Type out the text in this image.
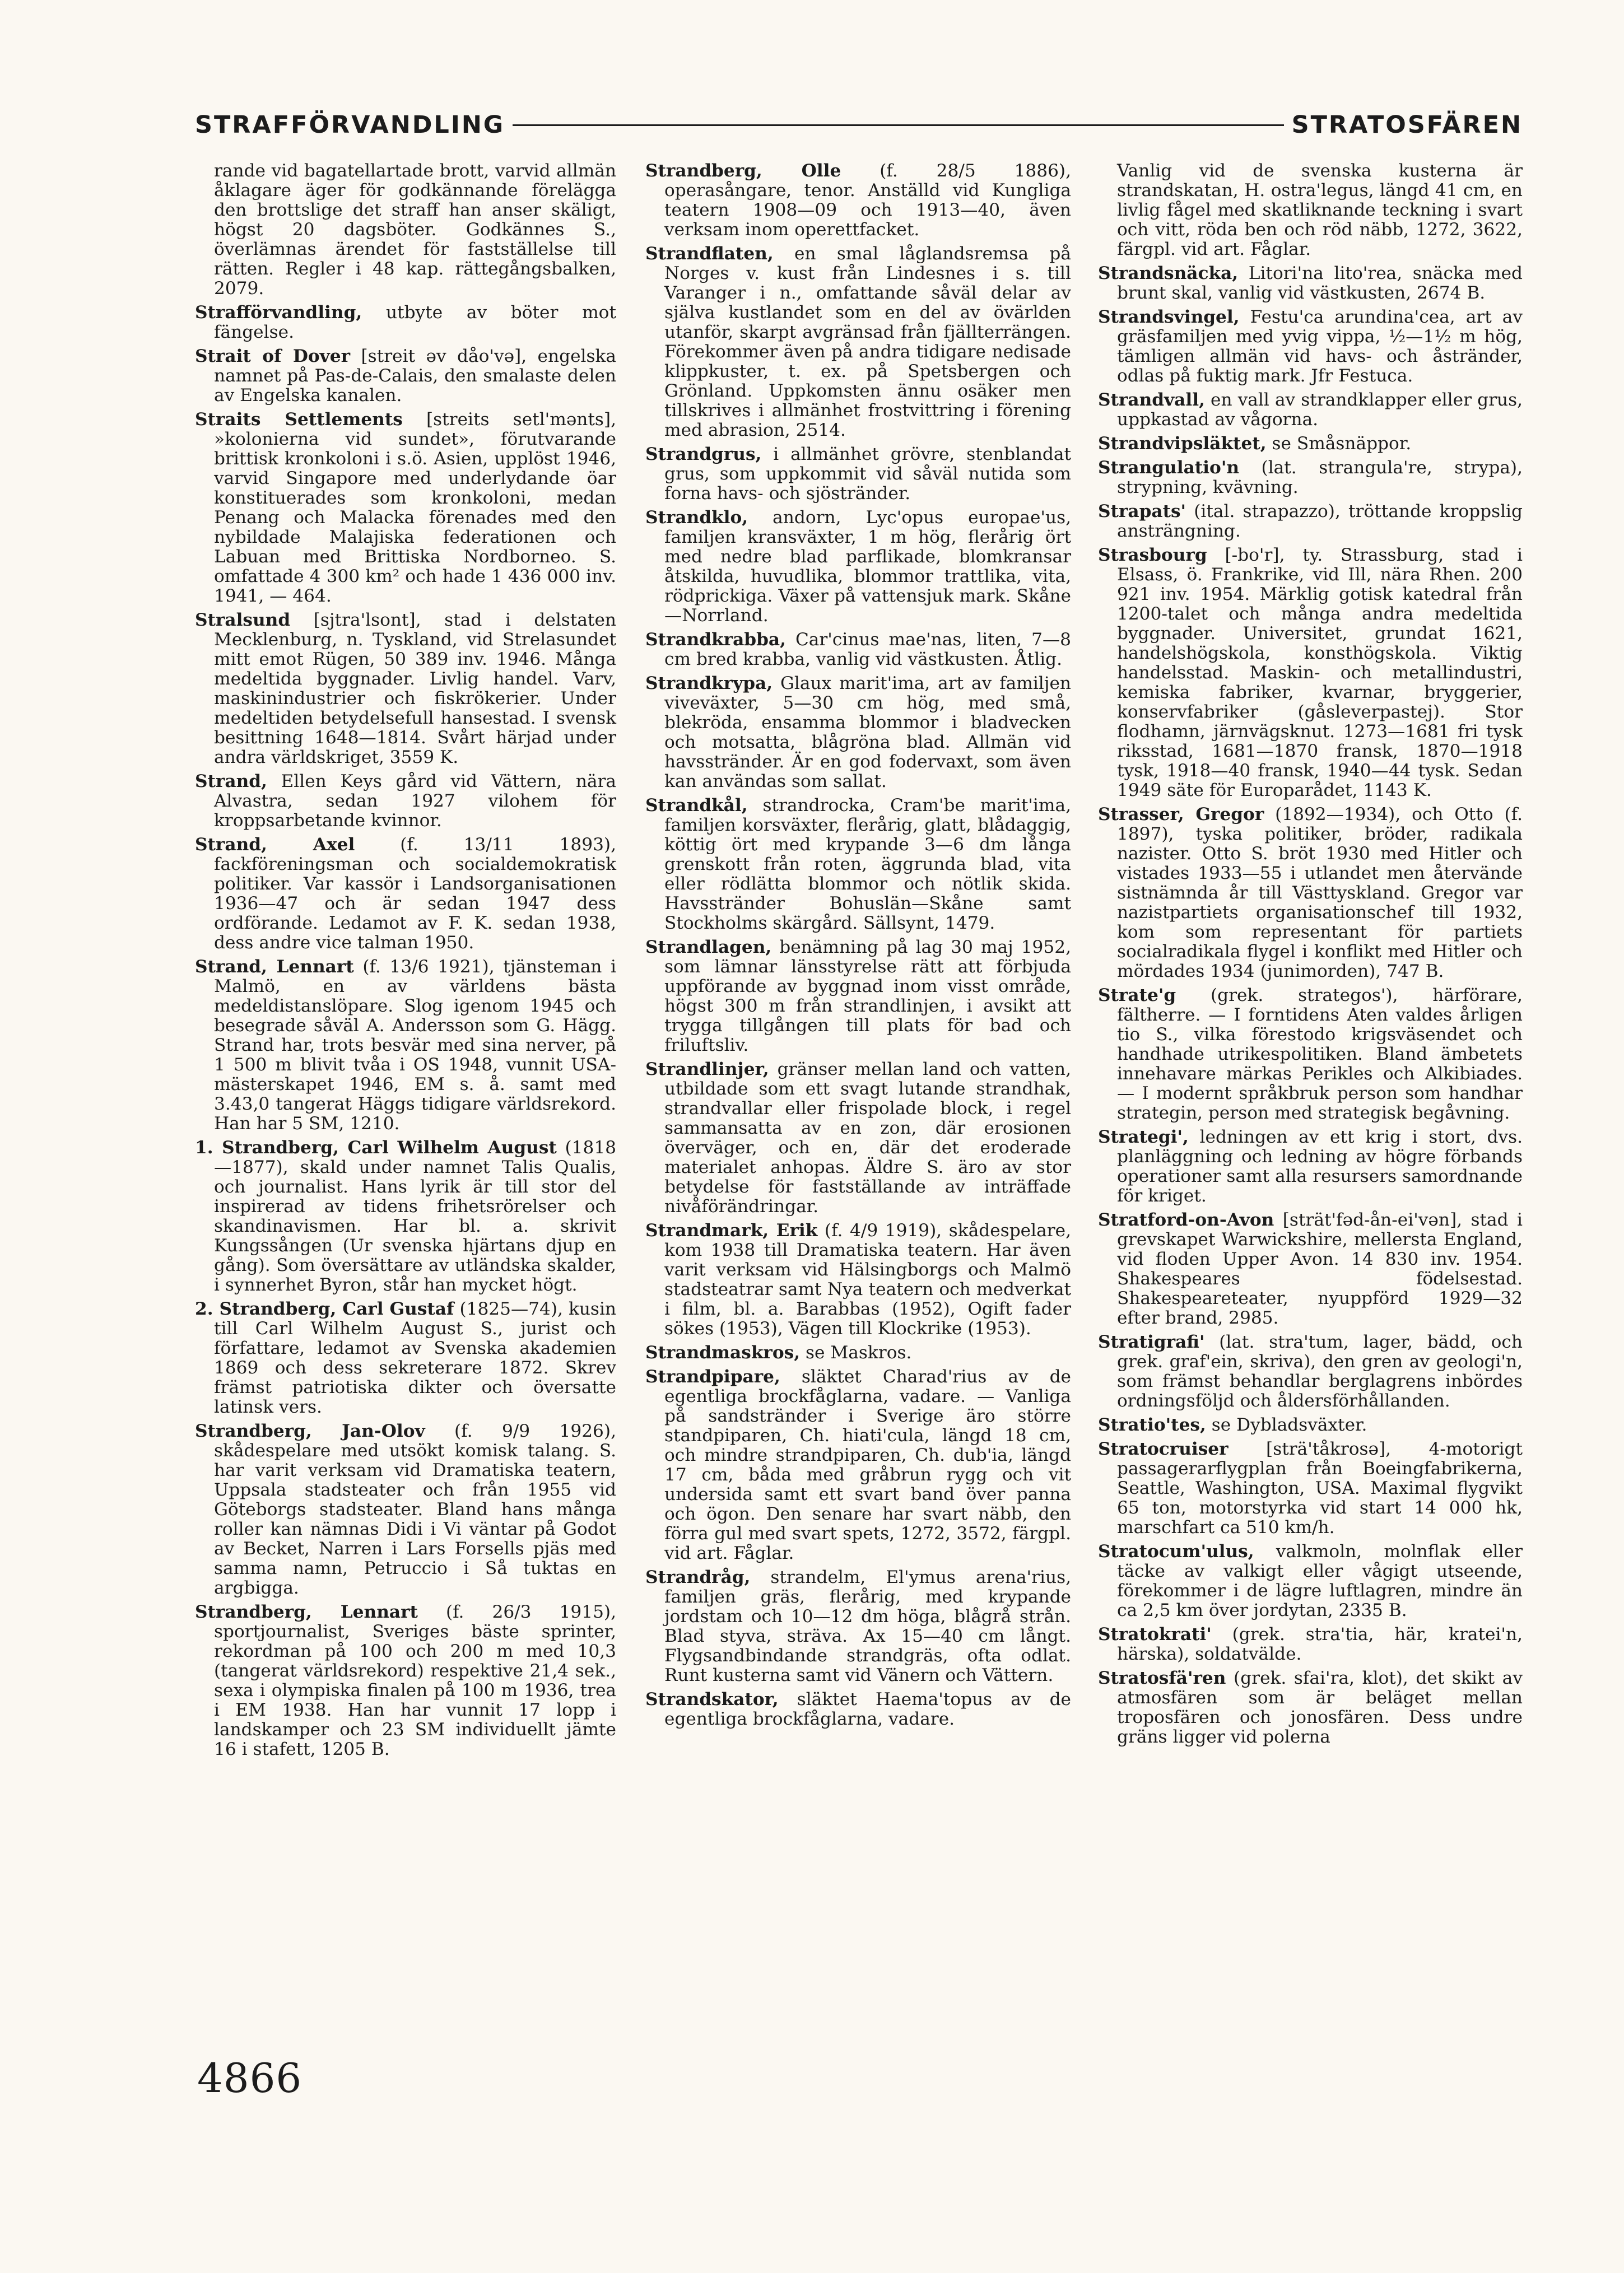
STRAFFÖRVANDLING	STRATOSFÄREN

rande vid bagatellartade brott, varvid allmän åklagare äger för godkännande förelägga den brottslige det straff han anser skäligt, högst 20 dagsböter. Godkännes S., överlämnas ärendet för fastställelse till rätten. Regler i 48 kap. rättegångsbalken, 2079.

Strafförvandling, utbyte av böter mot fängelse.

Strait of Dover [streit əv dåo'və], engelska namnet på Pas-de-Calais, den smalaste delen av Engelska kanalen.

Straits Settlements [streits setl'mənts], »kolonierna vid sundet», förutvarande brittisk kronkoloni i s.ö. Asien, upplöst 1946, varvid Singapore med underlydande öar konstituerades som kronkoloni, medan Penang och Malacka förenades med den nybildade Malajiska federationen och Labuan med Brittiska Nordborneo. S. omfattade 4 300 km² och hade 1 436 000 inv. 1941, — 464.

Stralsund [sjtra'lsont], stad i delstaten Mecklenburg, n. Tyskland, vid Strelasundet mitt emot Rügen, 50 389 inv. 1946. Många medeltida byggnader. Livlig handel. Varv, maskinindustrier och fiskrökerier. Under medeltiden betydelsefull hansestad. I svensk besittning 1648—1814. Svårt härjad under andra världskriget, 3559 K.

Strand, Ellen Keys gård vid Vättern, nära Alvastra, sedan 1927 vilohem för kroppsarbetande kvinnor.

Strand, Axel (f. 13/11 1893), fackföreningsman och socialdemokratisk politiker. Var kassör i Landsorganisationen 1936—47 och är sedan 1947 dess ordförande. Ledamot av F. K. sedan 1938, dess andre vice talman 1950.

Strand, Lennart (f. 13/6 1921), tjänsteman i Malmö, en av världens bästa medeldistanslöpare. Slog igenom 1945 och besegrade såväl A. Andersson som G. Hägg. Strand har, trots besvär med sina nerver, på 1 500 m blivit tvåa i OS 1948, vunnit USA-mästerskapet 1946, EM s. å. samt med 3.43,0 tangerat Häggs tidigare världsrekord. Han har 5 SM, 1210.

1. Strandberg, Carl Wilhelm August (1818—1877), skald under namnet Talis Qualis, och journalist. Hans lyrik är till stor del inspirerad av tidens frihetsrörelser och skandinavismen. Har bl. a. skrivit Kungssången (Ur svenska hjärtans djup en gång). Som översättare av utländska skalder, i synnerhet Byron, står han mycket högt.

2. Strandberg, Carl Gustaf (1825—74), kusin till Carl Wilhelm August S., jurist och författare, ledamot av Svenska akademien 1869 och dess sekreterare 1872. Skrev främst patriotiska dikter och översatte latinsk vers.

Strandberg, Jan-Olov (f. 9/9 1926), skådespelare med utsökt komisk talang. S. har varit verksam vid Dramatiska teatern, Uppsala stadsteater och från 1955 vid Göteborgs stadsteater. Bland hans många roller kan nämnas Didi i Vi väntar på Godot av Becket, Narren i Lars Forsells pjäs med samma namn, Petruccio i Så tuktas en argbigga.

Strandberg, Lennart (f. 26/3 1915), sportjournalist, Sveriges bäste sprinter, rekordman på 100 och 200 m med 10,3 (tangerat världsrekord) respektive 21,4 sek., sexa i olympiska finalen på 100 m 1936, trea i EM 1938. Han har vunnit 17 lopp i landskamper och 23 SM individuellt jämte 16 i stafett, 1205 B.

Strandberg, Olle (f. 28/5 1886), operasångare, tenor. Anställd vid Kungliga teatern 1908—09 och 1913—40, även verksam inom operettfacket.

Strandflaten, en smal låglandsremsa på Norges v. kust från Lindesnes i s. till Varanger i n., omfattande såväl delar av själva kustlandet som en del av övärlden utanför, skarpt avgränsad från fjällterrängen. Förekommer även på andra tidigare nedisade klippkuster, t. ex. på Spetsbergen och Grönland. Uppkomsten ännu osäker men tillskrives i allmänhet frostvittring i förening med abrasion, 2514.

Strandgrus, i allmänhet grövre, stenblandat grus, som uppkommit vid såväl nutida som forna havs- och sjöstränder.

Strandklo, andorn, Lyc'opus europae'us, familjen kransväxter, 1 m hög, flerårig ört med nedre blad parflikade, blomkransar åtskilda, huvudlika, blommor trattlika, vita, rödprickiga. Växer på vattensjuk mark. Skåne—Norrland.

Strandkrabba, Car'cinus mae'nas, liten, 7—8 cm bred krabba, vanlig vid västkusten. Åtlig.

Strandkrypa, Glaux marit'ima, art av familjen viveväxter, 5—30 cm hög, med små, blekröda, ensamma blommor i bladvecken och motsatta, blågröna blad. Allmän vid havsstränder. Är en god fodervaxt, som även kan användas som sallat.

Strandkål, strandrocka, Cram'be marit'ima, familjen korsväxter, flerårig, glatt, blådaggig, köttig ört med krypande 3—6 dm långa grenskott från roten, äggrunda blad, vita eller rödlätta blommor och nötlik skida. Havsstränder Bohuslän—Skåne samt Stockholms skärgård. Sällsynt, 1479.

Strandlagen, benämning på lag 30 maj 1952, som lämnar länsstyrelse rätt att förbjuda uppförande av byggnad inom visst område, högst 300 m från strandlinjen, i avsikt att trygga tillgången till plats för bad och friluftsliv.

Strandlinjer, gränser mellan land och vatten, utbildade som ett svagt lutande strandhak, strandvallar eller frispolade block, i regel sammansatta av en zon, där erosionen överväger, och en, där det eroderade materialet anhopas. Äldre S. äro av stor betydelse för fastställande av inträffade nivåförändringar.

Strandmark, Erik (f. 4/9 1919), skådespelare, kom 1938 till Dramatiska teatern. Har även varit verksam vid Hälsingborgs och Malmö stadsteatrar samt Nya teatern och medverkat i film, bl. a. Barabbas (1952), Ogift fader sökes (1953), Vägen till Klockrike (1953).

Strandmaskros, se Maskros.

Strandpipare, släktet Charad'rius av de egentliga brockfåglarna, vadare. — Vanliga på sandstränder i Sverige äro större standpiparen, Ch. hiati'cula, längd 18 cm, och mindre strandpiparen, Ch. dub'ia, längd 17 cm, båda med gråbrun rygg och vit undersida samt ett svart band över panna och ögon. Den senare har svart näbb, den förra gul med svart spets, 1272, 3572, färgpl. vid art. Fåglar.

Strandråg, strandelm, El'ymus arena'rius, familjen gräs, flerårig, med krypande jordstam och 10—12 dm höga, blågrå strån. Blad styva, sträva. Ax 15—40 cm långt. Flygsandbindande strandgräs, ofta odlat. Runt kusterna samt vid Vänern och Vättern.

Strandskator, släktet Haema'topus av de egentliga brockfåglarna, vadare.

Vanlig vid de svenska kusterna är strandskatan, H. ostra'legus, längd 41 cm, en livlig fågel med skatliknande teckning i svart och vitt, röda ben och röd näbb, 1272, 3622, färgpl. vid art. Fåglar.

Strandsnäcka, Litori'na lito'rea, snäcka med brunt skal, vanlig vid västkusten, 2674 B.

Strandsvingel, Festu'ca arundina'cea, art av gräsfamiljen med yvig vippa, ½—1½ m hög, tämligen allmän vid havs- och åstränder, odlas på fuktig mark. Jfr Festuca.

Strandvall, en vall av strandklapper eller grus, uppkastad av vågorna.

Strandvipsläktet, se Småsnäppor.

Strangulatio'n (lat. strangula're, strypa), strypning, kvävning.

Strapats' (ital. strapazzo), tröttande kroppslig ansträngning.

Strasbourg [-bo'r], ty. Strassburg, stad i Elsass, ö. Frankrike, vid Ill, nära Rhen. 200 921 inv. 1954. Märklig gotisk katedral från 1200-talet och många andra medeltida byggnader. Universitet, grundat 1621, handelshögskola, konsthögskola. Viktig handelsstad. Maskin- och metallindustri, kemiska fabriker, kvarnar, bryggerier, konservfabriker (gåsleverpastej). Stor flodhamn, järnvägsknut. 1273—1681 fri tysk riksstad, 1681—1870 fransk, 1870—1918 tysk, 1918—40 fransk, 1940—44 tysk. Sedan 1949 säte för Europarådet, 1143 K.

Strasser, Gregor (1892—1934), och Otto (f. 1897), tyska politiker, bröder, radikala nazister. Otto S. bröt 1930 med Hitler och vistades 1933—55 i utlandet men återvände sistnämnda år till Västtyskland. Gregor var nazistpartiets organisationschef till 1932, kom som representant för partiets socialradikala flygel i konflikt med Hitler och mördades 1934 (junimorden), 747 B.

Strate'g (grek. strategos'), härförare, fältherre. — I forntidens Aten valdes årligen tio S., vilka förestodo krigsväsendet och handhade utrikespolitiken. Bland ämbetets innehavare märkas Perikles och Alkibiades. — I modernt språkbruk person som handhar strategin, person med strategisk begåvning.

Strategi', ledningen av ett krig i stort, dvs. planläggning och ledning av högre förbands operationer samt alla resursers samordnande för kriget.

Stratford-on-Avon [strät'fəd-ån-ei'vən], stad i grevskapet Warwickshire, mellersta England, vid floden Upper Avon. 14 830 inv. 1954. Shakespeares födelsestad. Shakespeareteater, nyuppförd 1929—32 efter brand, 2985.

Stratigrafi' (lat. stra'tum, lager, bädd, och grek. graf'ein, skriva), den gren av geologi'n, som främst behandlar berglagrens inbördes ordningsföljd och åldersförhållanden.

Stratio'tes, se Dybladsväxter.

Stratocruiser [strä'tåkrosə], 4-motorigt passagerarflygplan från Boeingfabrikerna, Seattle, Washington, USA. Maximal flygvikt 65 ton, motorstyrka vid start 14 000 hk, marschfart ca 510 km/h.

Stratocum'ulus, valkmoln, molnflak eller täcke av valkigt eller vågigt utseende, förekommer i de lägre luftlagren, mindre än ca 2,5 km över jordytan, 2335 B.

Stratokrati' (grek. stra'tia, här, kratei'n, härska), soldatvälde.

Stratosfä'ren (grek. sfai'ra, klot), det skikt av atmosfären som är beläget mellan troposfären och jonosfären. Dess undre gräns ligger vid polerna

4866
